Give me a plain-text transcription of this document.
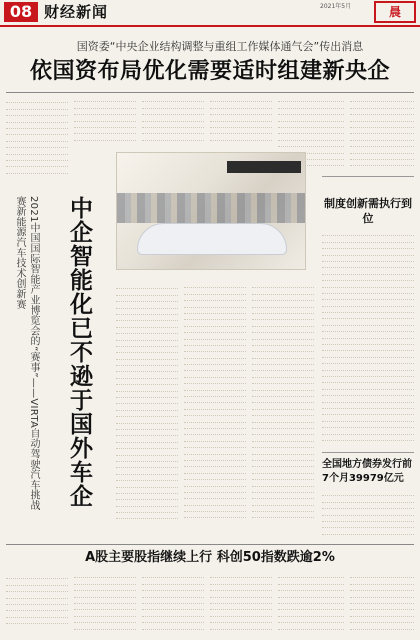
08 财经新闻	2021年5月	晨
国资委“中央企业结构调整与重组工作媒体通气会”传出消息
依国资布局优化需要适时组建新央企
2021中国国际智能产业博览会的“赛事”——VIRTA自动驾驶汽车挑战赛新能源汽车技术创新赛	中企智能化已不逊于国外车企	制度创新需执行到位
全国地方债券发行前7个月39979亿元
A股主要股指继续上行 科创50指数跌逾2%
